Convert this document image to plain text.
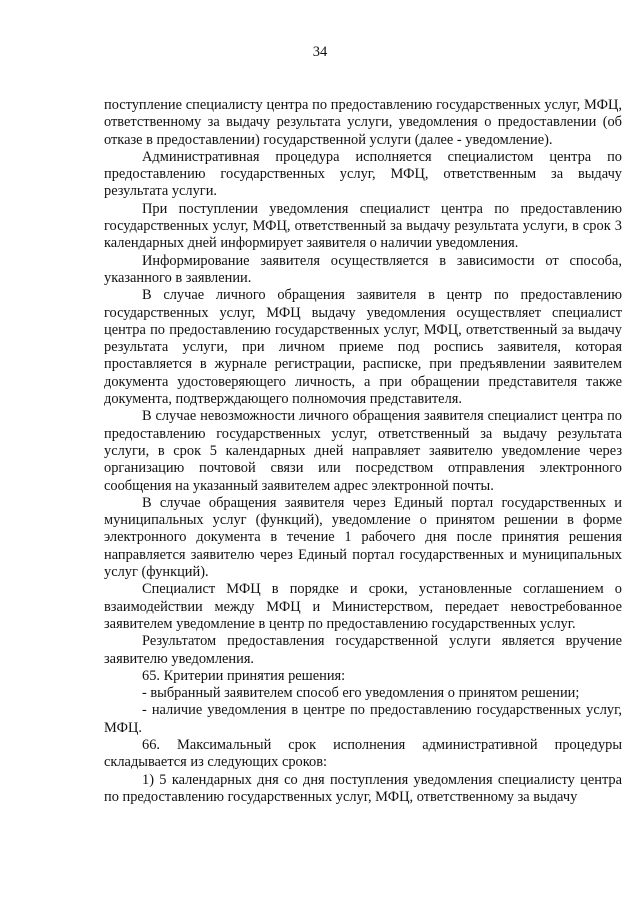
34

поступление специалисту центра по предоставлению государственных услуг, МФЦ, ответственному за выдачу результата услуги, уведомления о предоставлении (об отказе в предоставлении) государственной услуги (далее - уведомление).

Административная процедура исполняется специалистом центра по предоставлению государственных услуг, МФЦ, ответственным за выдачу результата услуги.

При поступлении уведомления специалист центра по предоставлению государственных услуг, МФЦ, ответственный за выдачу результата услуги, в срок 3 календарных дней информирует заявителя о наличии уведомления.

Информирование заявителя осуществляется в зависимости от способа, указанного в заявлении.

В случае личного обращения заявителя в центр по предоставлению государственных услуг, МФЦ выдачу уведомления осуществляет специалист центра по предоставлению государственных услуг, МФЦ, ответственный за выдачу результата услуги, при личном приеме под роспись заявителя, которая проставляется в журнале регистрации, расписке, при предъявлении заявителем документа удостоверяющего личность, а при обращении представителя также документа, подтверждающего полномочия представителя.

В случае невозможности личного обращения заявителя специалист центра по предоставлению государственных услуг, ответственный за выдачу результата услуги, в срок 5 календарных дней направляет заявителю уведомление через организацию почтовой связи или посредством отправления электронного сообщения на указанный заявителем адрес электронной почты.

В случае обращения заявителя через Единый портал государственных и муниципальных услуг (функций), уведомление о принятом решении в форме электронного документа в течение 1 рабочего дня после принятия решения направляется заявителю через Единый портал государственных и муниципальных услуг (функций).

Специалист МФЦ в порядке и сроки, установленные соглашением о взаимодействии между МФЦ и Министерством, передает невостребованное заявителем уведомление в центр по предоставлению государственных услуг.

Результатом предоставления государственной услуги является вручение заявителю уведомления.

65. Критерии принятия решения:

- выбранный заявителем способ его уведомления о принятом решении;

- наличие уведомления в центре по предоставлению государственных услуг, МФЦ.

66. Максимальный срок исполнения административной процедуры складывается из следующих сроков:

1) 5 календарных дня со дня поступления уведомления специалисту центра по предоставлению государственных услуг, МФЦ, ответственному за выдачу
